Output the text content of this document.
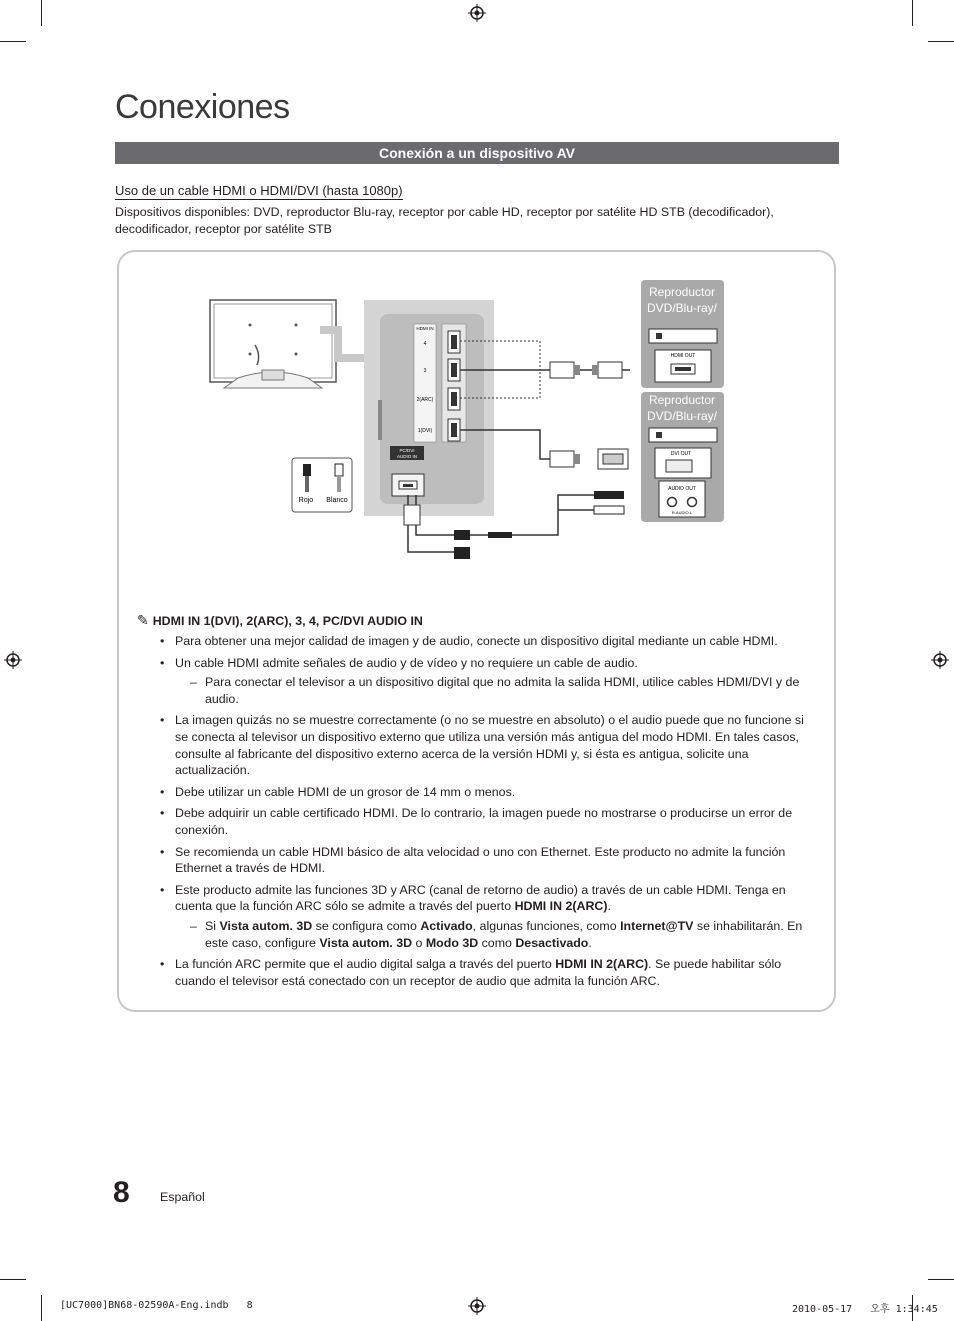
Conexiones
Conexión a un dispositivo AV
Uso de un cable HDMI o HDMI/DVI (hasta 1080p)
Dispositivos disponibles: DVD, reproductor Blu-ray, receptor por cable HD, receptor por satélite HD STB (decodificador), decodificador, receptor por satélite STB
HDMI IN
4
3
2(ARC)
1(DVI)
PC/DVI
AUDIO IN
Rojo Blanco
Reproductor
DVD/Blu-ray/
HDMI OUT
Reproductor
DVD/Blu-ray/
DVI OUT
AUDIO OUT
R-AUDIO-L
✎ HDMI IN 1(DVI), 2(ARC), 3, 4, PC/DVI AUDIO IN
• Para obtener una mejor calidad de imagen y de audio, conecte un dispositivo digital mediante un cable HDMI.
• Un cable HDMI admite señales de audio y de vídeo y no requiere un cable de audio.
– Para conectar el televisor a un dispositivo digital que no admita la salida HDMI, utilice cables HDMI/DVI y de audio.
• La imagen quizás no se muestre correctamente (o no se muestre en absoluto) o el audio puede que no funcione si se conecta al televisor un dispositivo externo que utiliza una versión más antigua del modo HDMI. En tales casos, consulte al fabricante del dispositivo externo acerca de la versión HDMI y, si ésta es antigua, solicite una actualización.
• Debe utilizar un cable HDMI de un grosor de 14 mm o menos.
• Debe adquirir un cable certificado HDMI. De lo contrario, la imagen puede no mostrarse o producirse un error de conexión.
• Se recomienda un cable HDMI básico de alta velocidad o uno con Ethernet. Este producto no admite la función Ethernet a través de HDMI.
• Este producto admite las funciones 3D y ARC (canal de retorno de audio) a través de un cable HDMI. Tenga en cuenta que la función ARC sólo se admite a través del puerto HDMI IN 2(ARC).
– Si Vista autom. 3D se configura como Activado, algunas funciones, como Internet@TV se inhabilitarán. En este caso, configure Vista autom. 3D o Modo 3D como Desactivado.
• La función ARC permite que el audio digital salga a través del puerto HDMI IN 2(ARC). Se puede habilitar sólo cuando el televisor está conectado con un receptor de audio que admita la función ARC.
8 Español
[UC7000]BN68-02590A-Eng.indb   8	2010-05-17   오후 1:34:45
